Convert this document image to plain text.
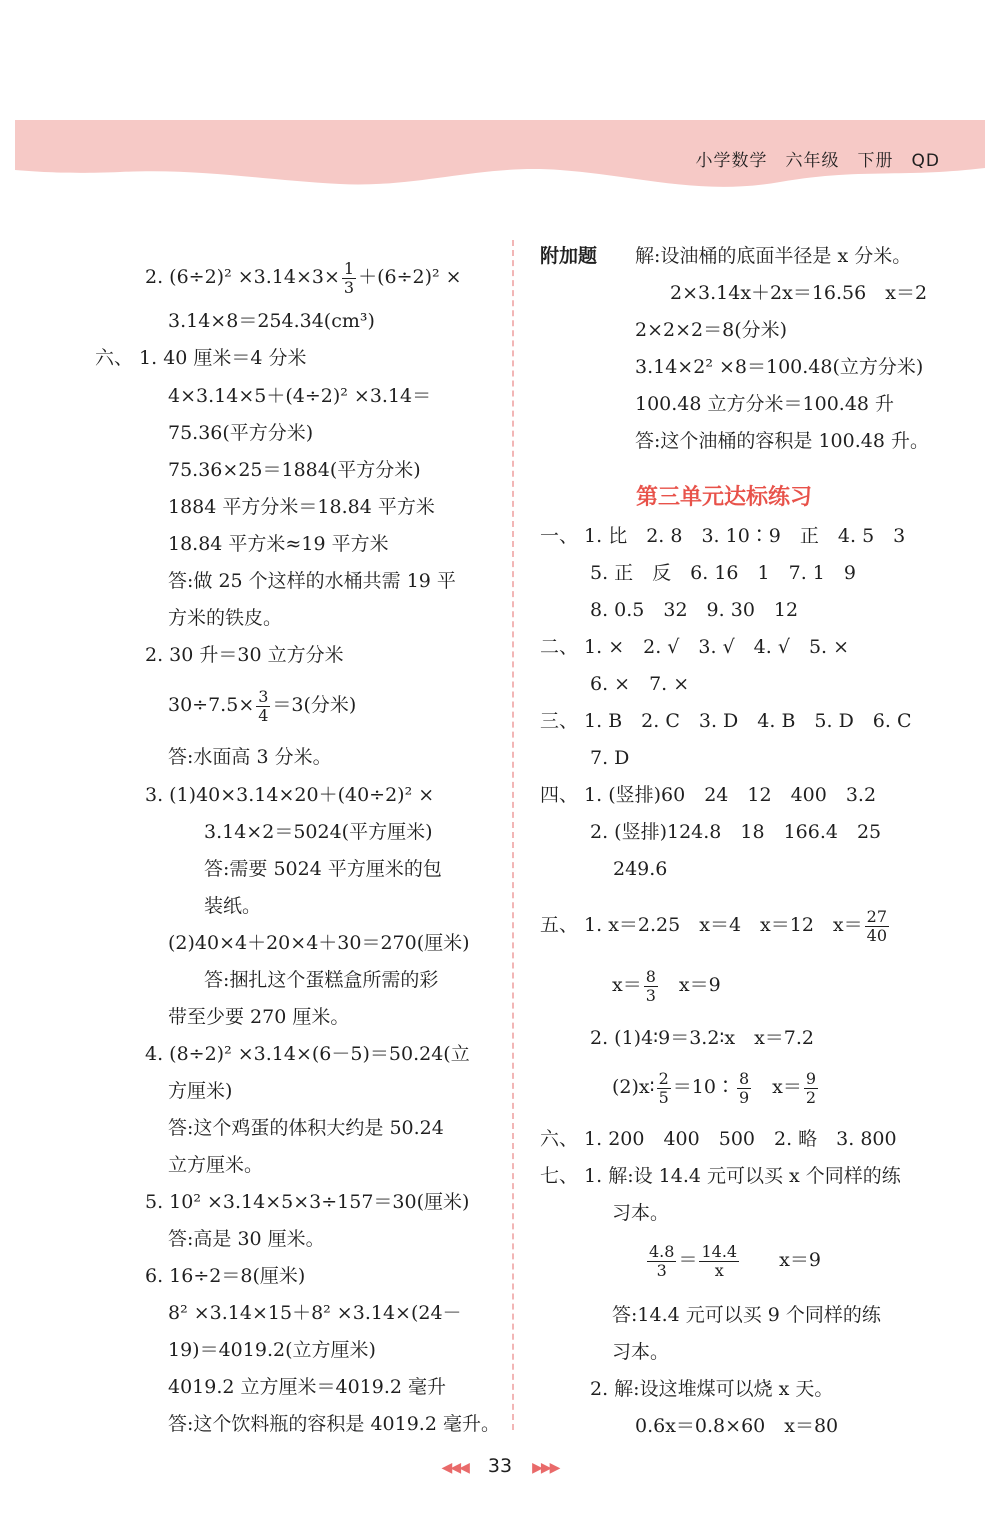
小学数学　六年级　下册　QD
2. $(6\div 2)^2 \times 3.14\times 3\times \frac{1}{3} +(6\div 2)^2$ ×
3.14×8＝254.34(cm³)
六、 1. 40 厘米＝4 分米
4×3.14×5＋(4÷2)² ×3.14＝
75.36(平方分米)
75.36×25＝1884(平方分米)
1884 平方分米＝18.84 平方米
18.84 平方米≈19 平方米
答:做 25 个这样的水桶共需 19 平
方米的铁皮。
2. 30 升＝30 立方分米
$30\div 7.5\times \frac{3}{4} =3$(分米)
答:水面高 3 分米。
3. (1)40×3.14×20＋(40÷2)² ×
3.14×2＝5024(平方厘米)
答:需要 5024 平方厘米的包
装纸。
(2)40×4＋20×4＋30＝270(厘米)
答:捆扎这个蛋糕盒所需的彩
带至少要 270 厘米。
4. (8÷2)² ×3.14×(6－5)＝50.24(立
方厘米)
答:这个鸡蛋的体积大约是 50.24
立方厘米。
5. 10² ×3.14×5×3÷157＝30(厘米)
答:高是 30 厘米。
6. 16÷2＝8(厘米)
8² ×3.14×15＋8² ×3.14×(24－
19)＝4019.2(立方厘米)
4019.2 立方厘米＝4019.2 毫升
答:这个饮料瓶的容积是 4019.2 毫升。
附加题 解:设油桶的底面半径是 x 分米。
2×3.14x＋2x＝16.56　x＝2
2×2×2＝8(分米)
3.14×2² ×8＝100.48(立方分米)
100.48 立方分米＝100.48 升
答:这个油桶的容积是 100.48 升。
第三单元达标练习
一、 1. 比　2. 8　3. 10∶9　正　4. 5　3
5. 正　反　6. 16　1　7. 1　9
8. 0.5　32　9. 30　12
二、 1. ×　2. √　3. √　4. √　5. ×
6. ×　7. ×
三、 1. B　2. C　3. D　4. B　5. D　6. C
7. D
四、 1. (竖排)60　24　12　400　3.2
2. (竖排)124.8　18　166.4　25
249.6
五、 1. x＝2.25　x＝4　x＝12　$x= \frac{27}{40}$
$x= \frac{8}{3}$
　 x＝9
2. (1)4∶9＝3.2∶x　x＝7.2
(2)x∶ $\frac{2}{5}$ ＝10∶ $\frac{8}{9}$
　 $x= \frac{9}{2}$
六、 1. 200　400　500　2. 略　3. 800
七、 1. 解:设 14.4 元可以买 x 个同样的练
习本。
$\frac{4.8}{3} = \frac{14.4}{x}$
　　 x＝9
答:14.4 元可以买 9 个同样的练
习本。
2. 解:设这堆煤可以烧 x 天。
0.6x＝0.8×60　x＝80
◀◀◀ 33 ▶▶▶
